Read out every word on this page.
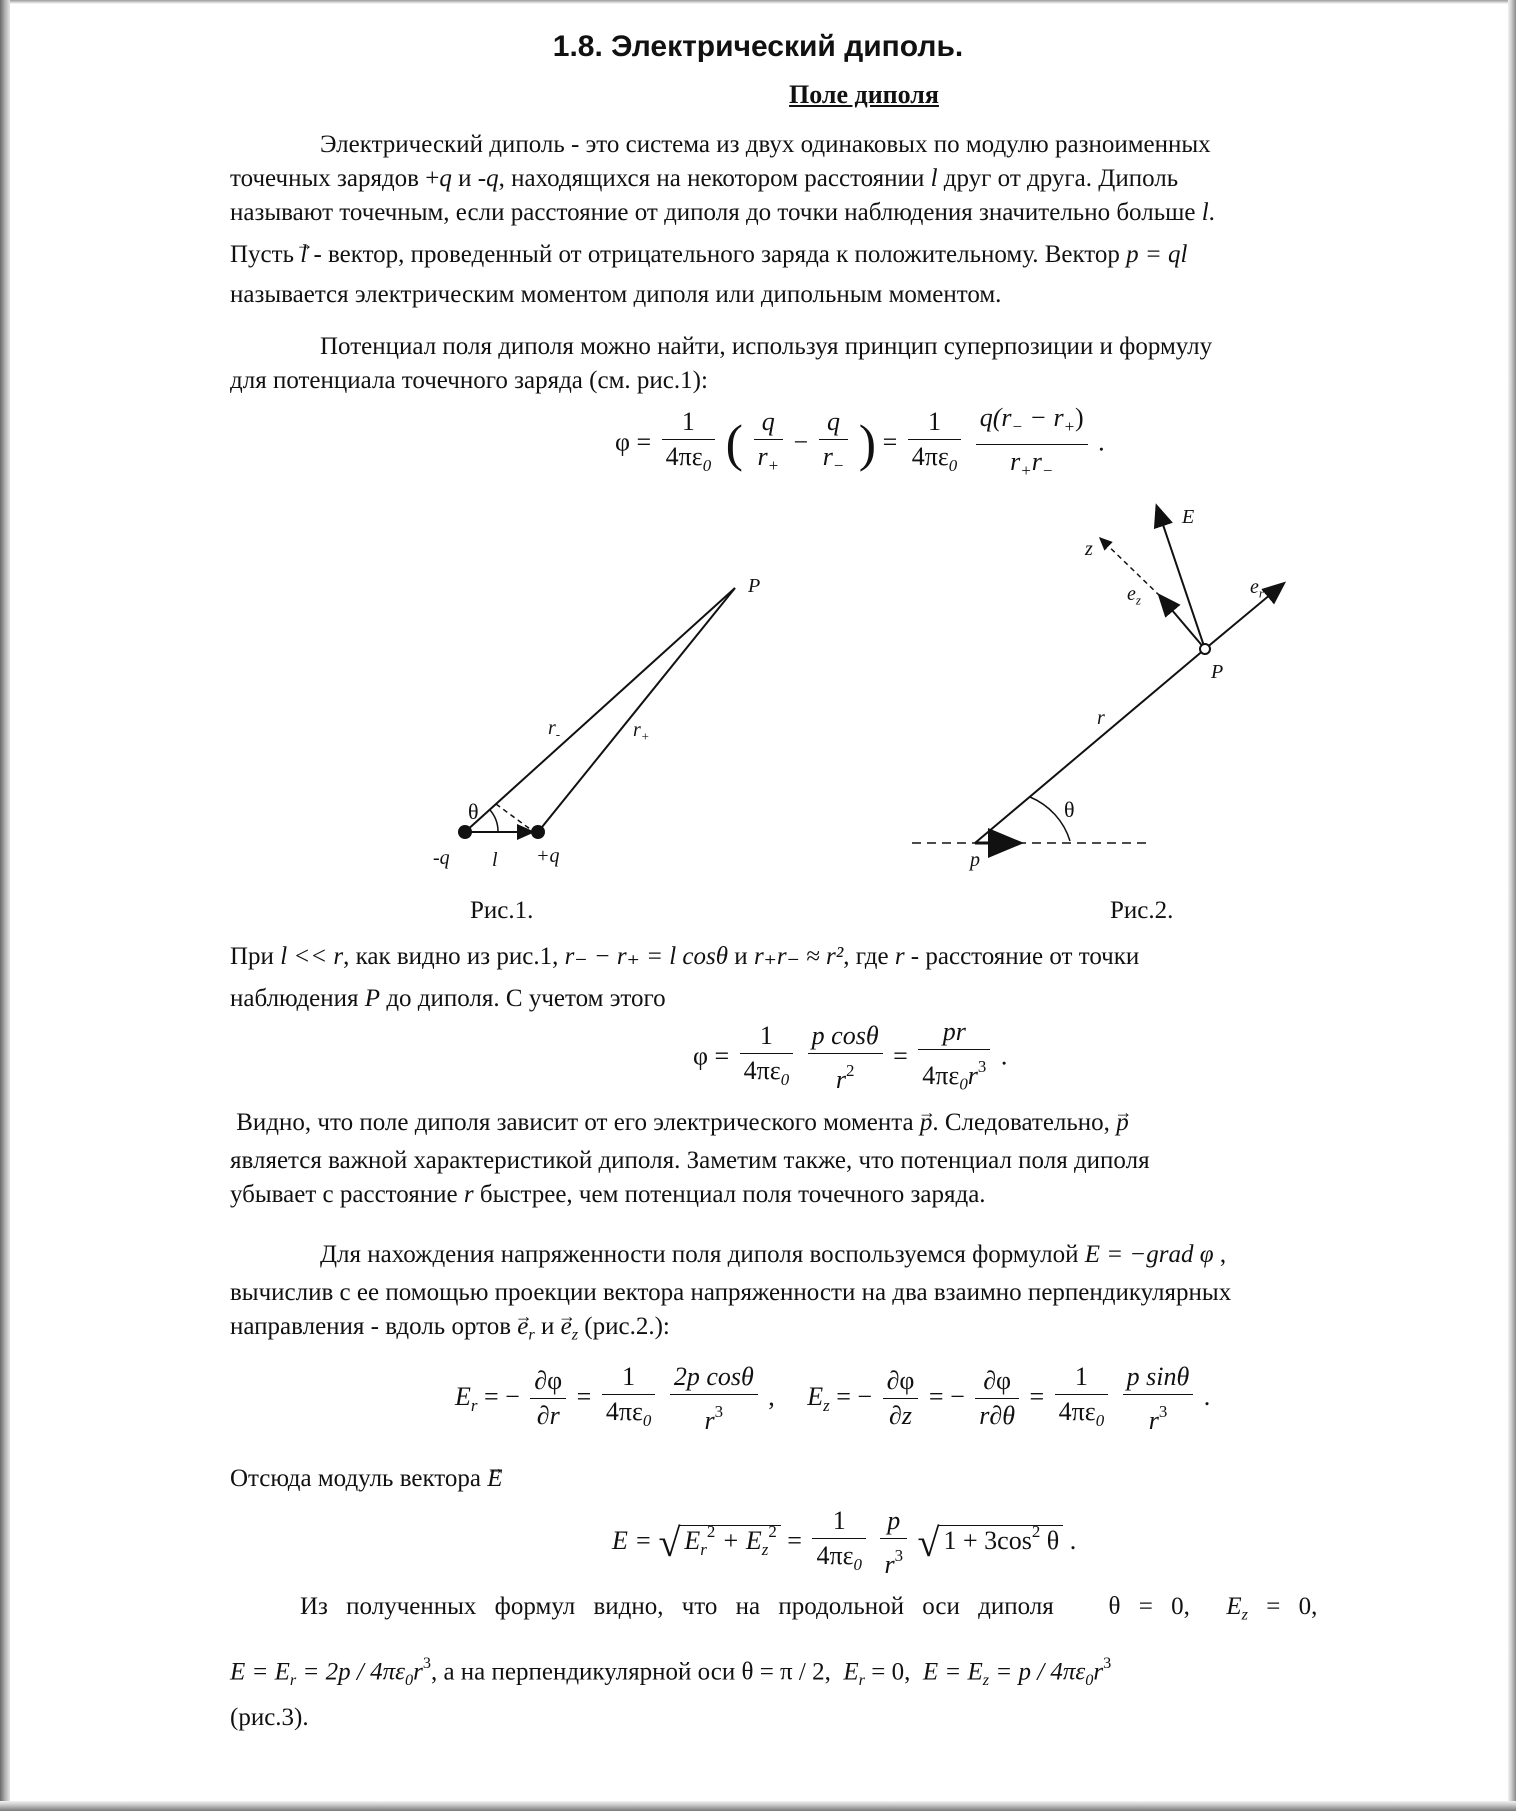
1.8. Электрический диполь.
Поле диполя

Электрический диполь - это система из двух одинаковых по модулю разноименных

точечных зарядов +q и -q, находящихся на некотором расстоянии l друг от друга. Диполь

называют точечным, если расстояние от диполя до точки наблюдения значительно больше l.

Пусть l → - вектор, проведенный от отрицательного заряда к положительному. Вектор p = ql

называется электрическим моментом диполя или дипольным моментом.

Потенциал поля диполя можно найти, используя принцип суперпозиции и формулу

для потенциала точечного заряда (см. рис.1):

$\varphi = \frac{1}{4\pi\varepsilon_0}$ ( $\frac{q}{r_+} - \frac{q}{r_-}$ ) = $\frac{1}{4\pi\varepsilon_0}$
$\frac{q(r_- - r_+)}{r_+r_-}$ .
P
$r_-$	$r_+$
θ
-q l +q
Рис.1.
E
z
$e_z$
$e_r$
P
r
θ
p
Рис.2.

При l << r, как видно из рис.1, r₋ − r₊ = l cosθ и r₊r₋ ≈ r², где r - расстояние от точки

наблюдения P до диполя. С учетом этого

$\varphi = \frac{1}{4\pi\varepsilon_0}$
$\frac{\text{p cosθ}}{r^2} = \frac{pr}{4\pi\varepsilon_0r^3}$ .

Видно, что поле диполя зависит от его электрического момента p →. Следовательно, p →

является важной характеристикой диполя. Заметим также, что потенциал поля диполя

убывает с расстояние r быстрее, чем потенциал поля точечного заряда.

Для нахождения напряженности поля диполя воспользуемся формулой E = −grad φ ,

вычислив с ее помощью проекции вектора напряженности на два взаимно перпендикулярных

направления - вдоль ортов $e \to_r$ и $e \to_z$ (рис.2.):

$E_r$ = − $\frac{\partial\varphi}{\partial r} = \frac{1}{4\pi\varepsilon_0}$
$\frac{\text{2p cosθ}}{r^3}$ , $E_z$ = − $\frac{\partial\varphi}{\partial z}$ = − $\frac{\partial\varphi}{r\partial\theta} = \frac{1}{4\pi\varepsilon_0}$
$\frac{\text{p sinθ}}{r^3}$ .

Отсюда модуль вектора E →

E = √ $E_r^2 + E_z^2 = \frac{1}{4\pi\varepsilon_0}$
$\frac{p}{r^3}$ √ $1 + 3\cos^2$ θ .

Из полученных формул видно, что на продольной оси диполя θ = 0,  $E_z = 0$,

$E = E_r = 2p / 4\pi\varepsilon_0r^3$, а на перпендикулярной оси θ = π / 2,  $E_r = 0$,  $E = E_z = p / 4\pi\varepsilon_0r^3$

(рис.3).
